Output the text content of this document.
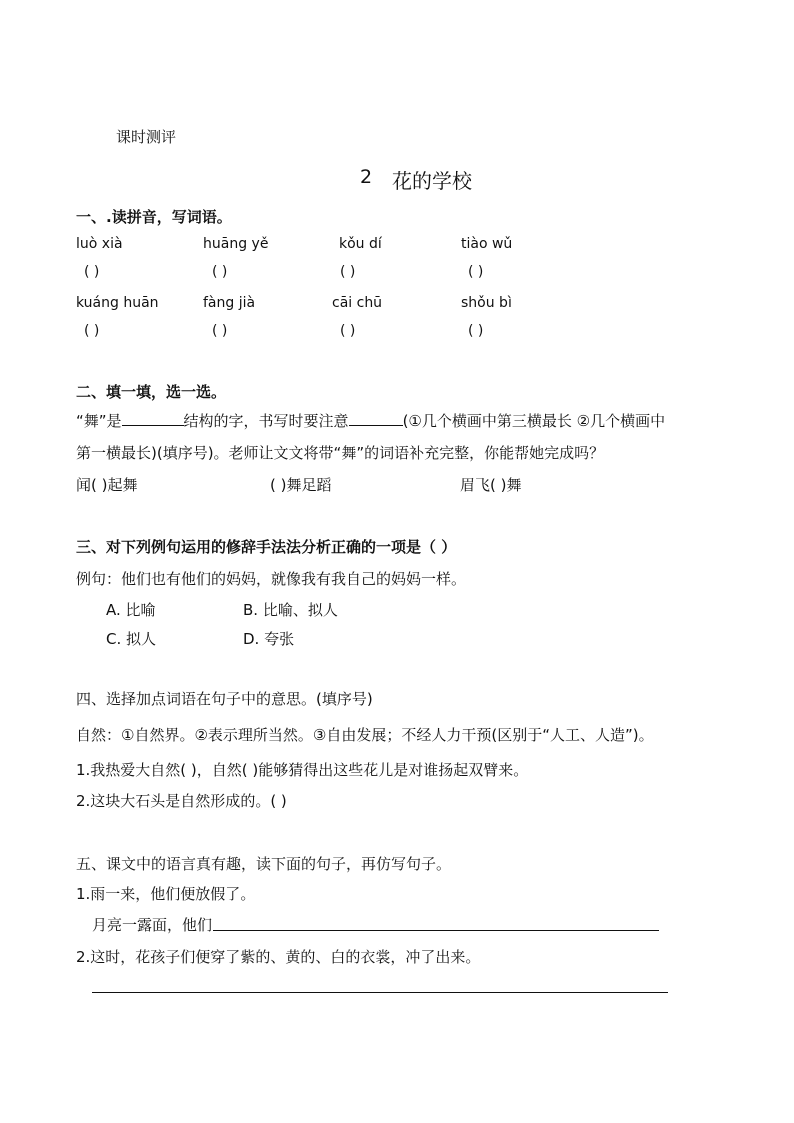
课时测评
2 花的学校
一、.读拼音，写词语。
luò xià	huāng yě	kǒu dí	tiào wǔ
( )	( )	( )	( )
kuáng huān	fàng jià	cāi chū	shǒu bì
( )	( )	( )	( )
二、填一填，选一选。
“舞”是	结构的字，书写时要注意	(①几个横画中第三横最长 ②几个横画中
第一横最长)(填序号)。老师让文文将带“舞”的词语补充完整，你能帮她完成吗？
闻( )起舞	( )舞足蹈	眉飞( )舞
三、对下列例句运用的修辞手法法分析正确的一项是（ ）
例句：他们也有他们的妈妈，就像我有我自己的妈妈一样。
A. 比喻	B. 比喻、拟人
C. 拟人	D. 夸张
四、选择加点词语在句子中的意思。(填序号)
自然：①自然界。②表示理所当然。③自由发展；不经人力干预(区别于“人工、人造”)。
1.我热爱大自然( )，自然( )能够猜得出这些花儿是对谁扬起双臂来。
2.这块大石头是自然形成的。( )
五、课文中的语言真有趣，读下面的句子，再仿写句子。
1.雨一来，他们便放假了。
月亮一露面，他们
2.这时，花孩子们便穿了紫的、黄的、白的衣裳，冲了出来。
